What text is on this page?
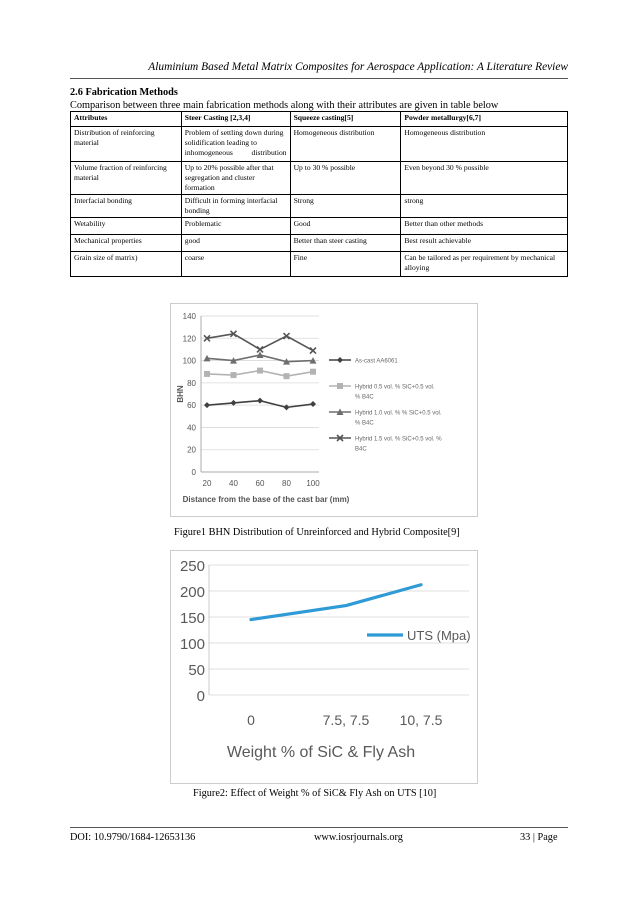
Aluminium Based Metal Matrix Composites for Aerospace Application: A Literature Review
2.6 Fabrication Methods
Comparison between three main fabrication methods along with their attributes are given in table below
Attributes	Steer Casting [2,3,4]	Squeeze casting[5]	Powder metallurgy[6,7]
Distribution of reinforcing material	Problem of settling down during solidification leading to inhomogeneous distribution	Homogeneous distribution	Homogeneous distribution
Volume fraction of reinforcing material	Up to 20% possible after that segregation and cluster formation	Up to 30 % possible	Even beyond 30 % possible
Interfacial bonding	Difficult in forming interfacial bonding	Strong	strong
Wetability	Problematic	Good	Better than other methods
Mechanical properties	good	Better than steer casting	Best result achievable
Grain size of matrix)	coarse	Fine	Can be tailored as per requirement by mechanical alloying
0
20
40
60
80
100
120
140
20 40 60 80 100
Distance from the base of the cast bar (mm)
BHN
As-cast AA6061
Hybrid 0.5 vol. % SiC+0.5 vol.
% B4C
Hybrid 1.0 vol. % % SiC+0.5 vol.
% B4C
Hybrid 1.5 vol. % SiC+0.5 vol. %
B4C
Figure1 BHN Distribution of Unreinforced and Hybrid Composite[9]
0
50
100
150
200
250
0	7.5, 7.5 10, 7.5
Weight % of SiC & Fly Ash
UTS (Mpa)
Figure2: Effect of Weight % of SiC& Fly Ash on UTS [10]
DOI: 10.9790/1684-12653136	www.iosrjournals.org	33 | Page
